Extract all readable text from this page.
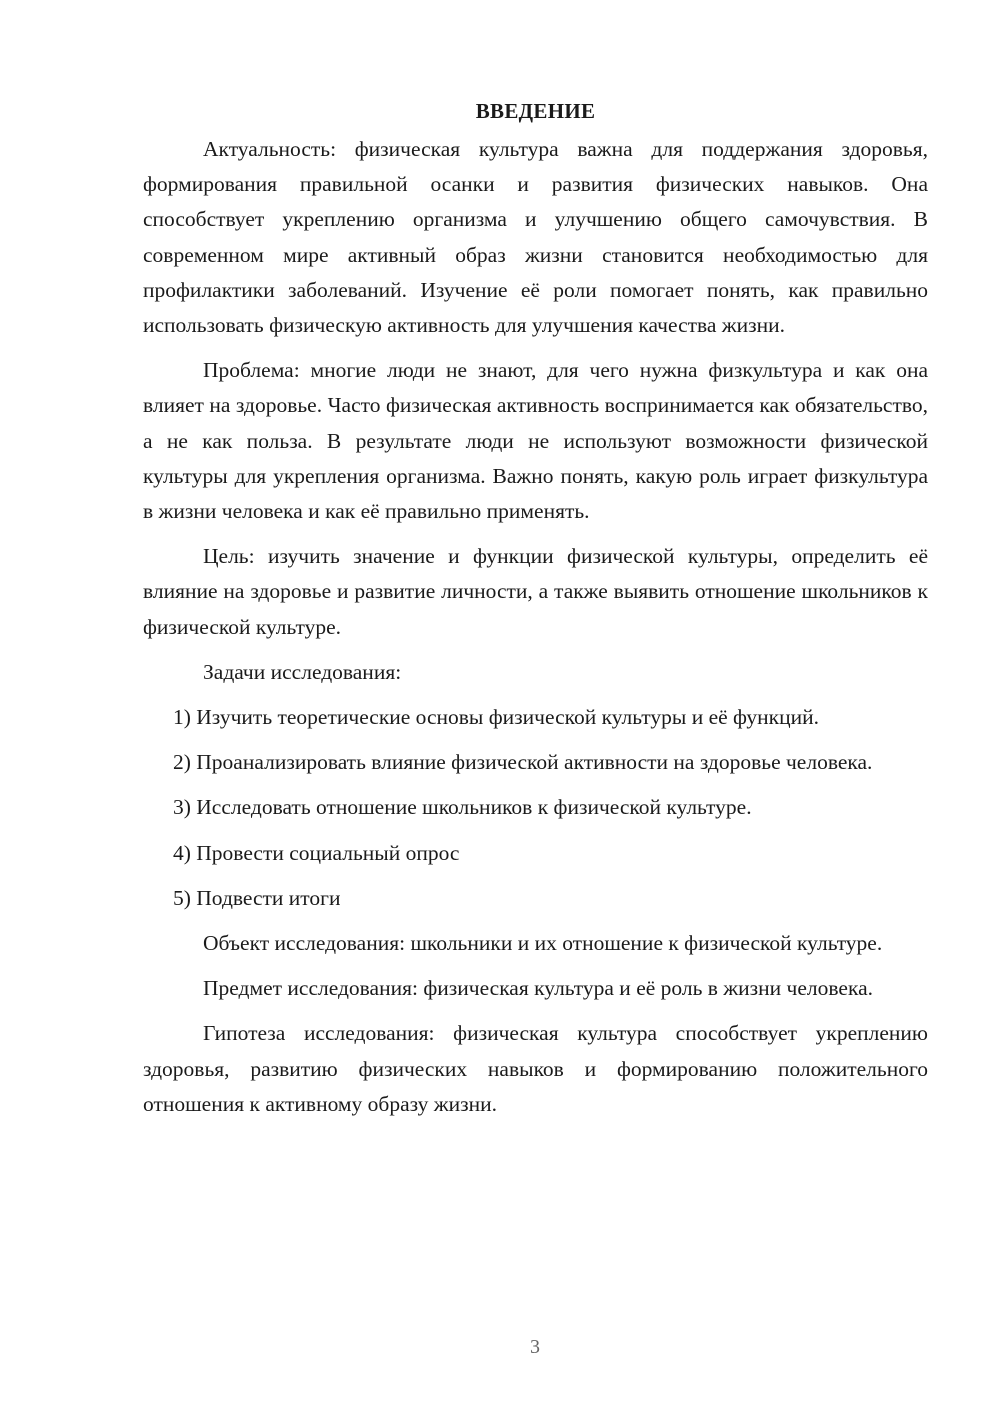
ВВЕДЕНИЕ

Актуальность: физическая культура важна для поддержания здоровья, формирования правильной осанки и развития физических навыков. Она способствует укреплению организма и улучшению общего самочувствия. В современном мире активный образ жизни становится необходимостью для профилактики заболеваний. Изучение её роли помогает понять, как правильно использовать физическую активность для улучшения качества жизни.

Проблема: многие люди не знают, для чего нужна физкультура и как она влияет на здоровье. Часто физическая активность воспринимается как обязательство, а не как польза. В результате люди не используют возможности физической культуры для укрепления организма. Важно понять, какую роль играет физкультура в жизни человека и как её правильно применять.

Цель: изучить значение и функции физической культуры, определить её влияние на здоровье и развитие личности, а также выявить отношение школьников к физической культуре.

Задачи исследования:

1) Изучить теоретические основы физической культуры и её функций.

2) Проанализировать влияние физической активности на здоровье человека.

3) Исследовать отношение школьников к физической культуре.

4) Провести социальный опрос

5) Подвести итоги

Объект исследования: школьники и их отношение к физической культуре.

Предмет исследования: физическая культура и её роль в жизни человека.

Гипотеза исследования: физическая культура способствует укреплению здоровья, развитию физических навыков и формированию положительного отношения к активному образу жизни.

3
